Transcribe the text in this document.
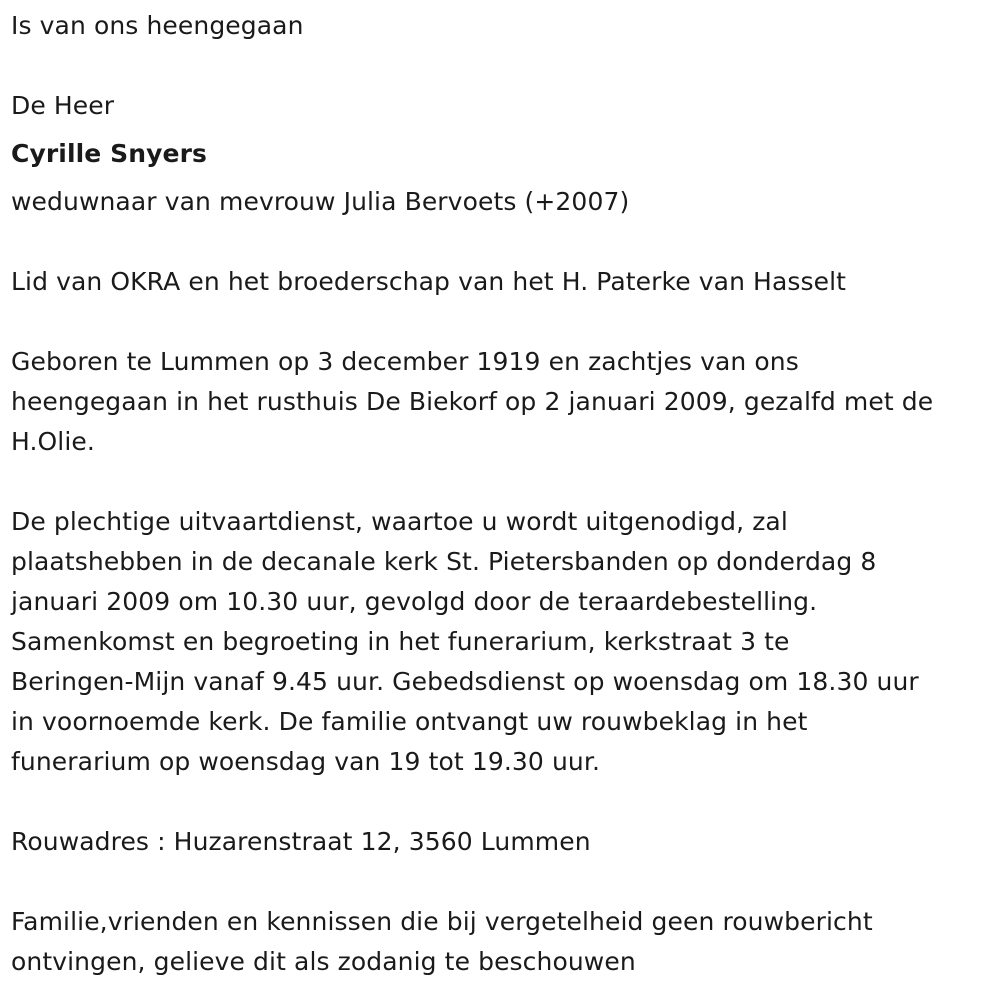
Is van ons heengegaan

De Heer

Cyrille Snyers

weduwnaar van mevrouw Julia Bervoets (+2007)

Lid van OKRA en het broederschap van het H. Paterke van Hasselt

Geboren te Lummen op 3 december 1919 en zachtjes van ons

heengegaan in het rusthuis De Biekorf op 2 januari 2009, gezalfd met de

H.Olie.

De plechtige uitvaartdienst, waartoe u wordt uitgenodigd, zal

plaatshebben in de decanale kerk St. Pietersbanden op donderdag 8

januari 2009 om 10.30 uur, gevolgd door de teraardebestelling.

Samenkomst en begroeting in het funerarium, kerkstraat 3 te

Beringen-Mijn vanaf 9.45 uur. Gebedsdienst op woensdag om 18.30 uur

in voornoemde kerk. De familie ontvangt uw rouwbeklag in het

funerarium op woensdag van 19 tot 19.30 uur.

Rouwadres : Huzarenstraat 12, 3560 Lummen

Familie,vrienden en kennissen die bij vergetelheid geen rouwbericht

ontvingen, gelieve dit als zodanig te beschouwen
